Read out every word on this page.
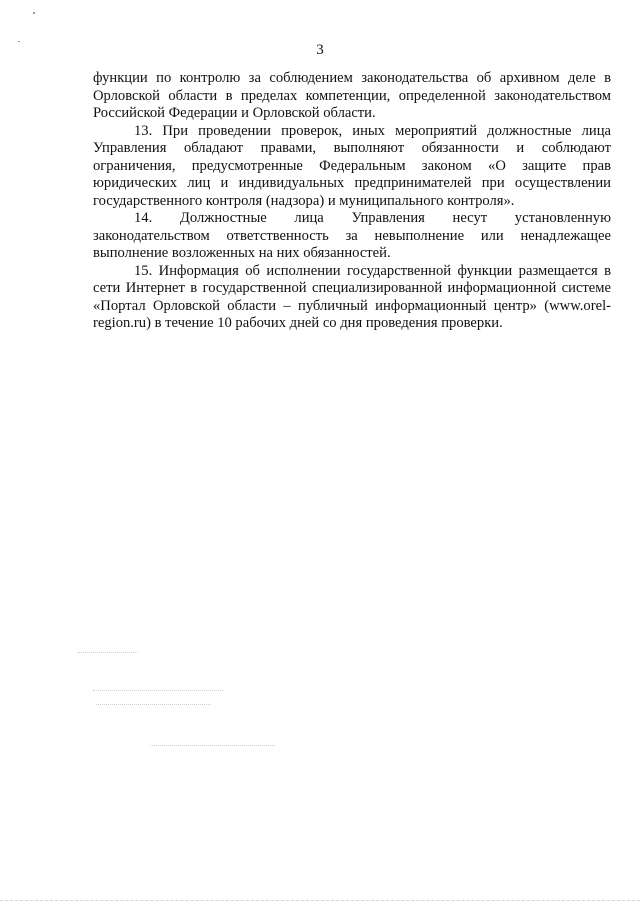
3

функции по контролю за соблюдением законодательства об архивном деле в Орловской области в пределах компетенции, определенной законодательством Российской Федерации и Орловской области.

13. При проведении проверок, иных мероприятий должностные лица Управления обладают правами, выполняют обязанности и соблюдают ограничения, предусмотренные Федеральным законом «О защите прав юридических лиц и индивидуальных предпринимателей при осуществлении государственного контроля (надзора) и муниципального контроля».

14. Должностные лица Управления несут установленную законодательством ответственность за невыполнение или ненадлежащее выполнение возложенных на них обязанностей.

15. Информация об исполнении государственной функции размещается в сети Интернет в государственной специализированной информационной системе «Портал Орловской области – публичный информационный центр» (www.orel-region.ru) в течение 10 рабочих дней со дня проведения проверки.
